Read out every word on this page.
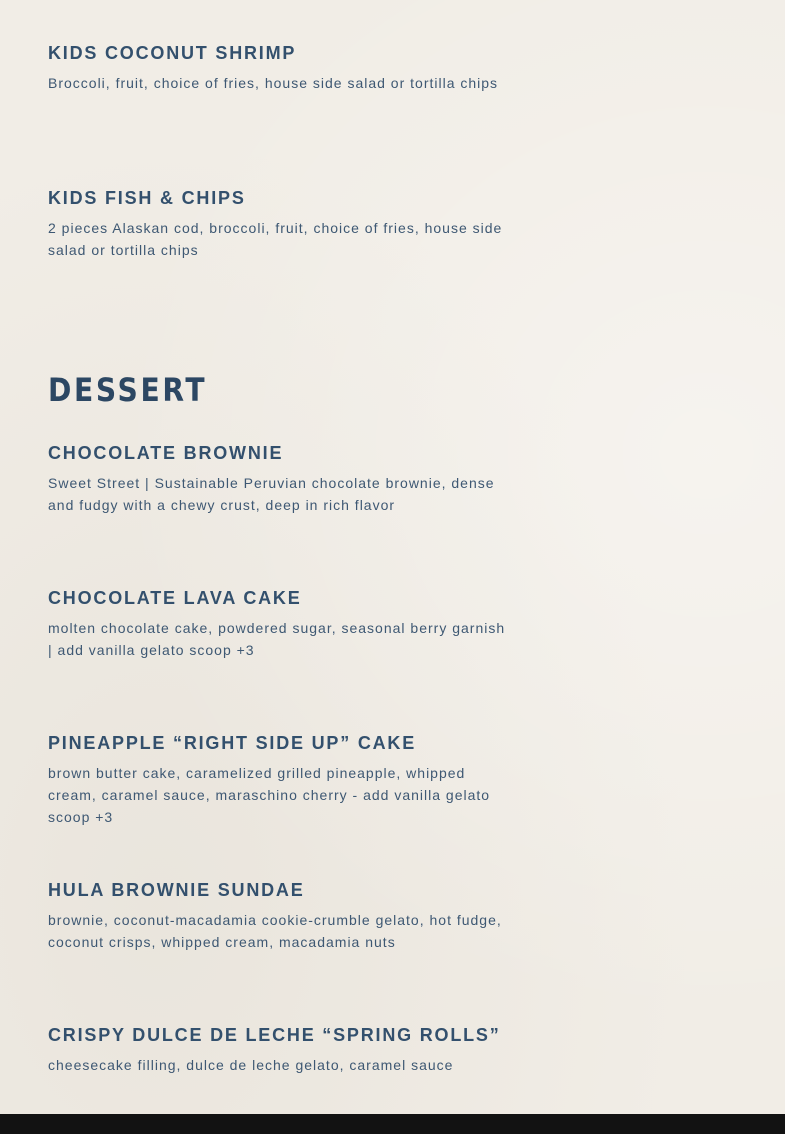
KIDS COCONUT SHRIMP

Broccoli, fruit, choice of fries, house side salad or tortilla chips

KIDS FISH & CHIPS

2 pieces Alaskan cod, broccoli, fruit, choice of fries, house side salad or tortilla chips

DESSERT
CHOCOLATE BROWNIE

Sweet Street | Sustainable Peruvian chocolate brownie, dense and fudgy with a chewy crust, deep in rich flavor

CHOCOLATE LAVA CAKE

molten chocolate cake, powdered sugar, seasonal berry garnish | add vanilla gelato scoop +3

PINEAPPLE “RIGHT SIDE UP” CAKE

brown butter cake, caramelized grilled pineapple, whipped cream, caramel sauce, maraschino cherry - add vanilla gelato scoop +3

HULA BROWNIE SUNDAE

brownie, coconut-macadamia cookie-crumble gelato, hot fudge, coconut crisps, whipped cream, macadamia nuts

CRISPY DULCE DE LECHE “SPRING ROLLS”

cheesecake filling, dulce de leche gelato, caramel sauce
